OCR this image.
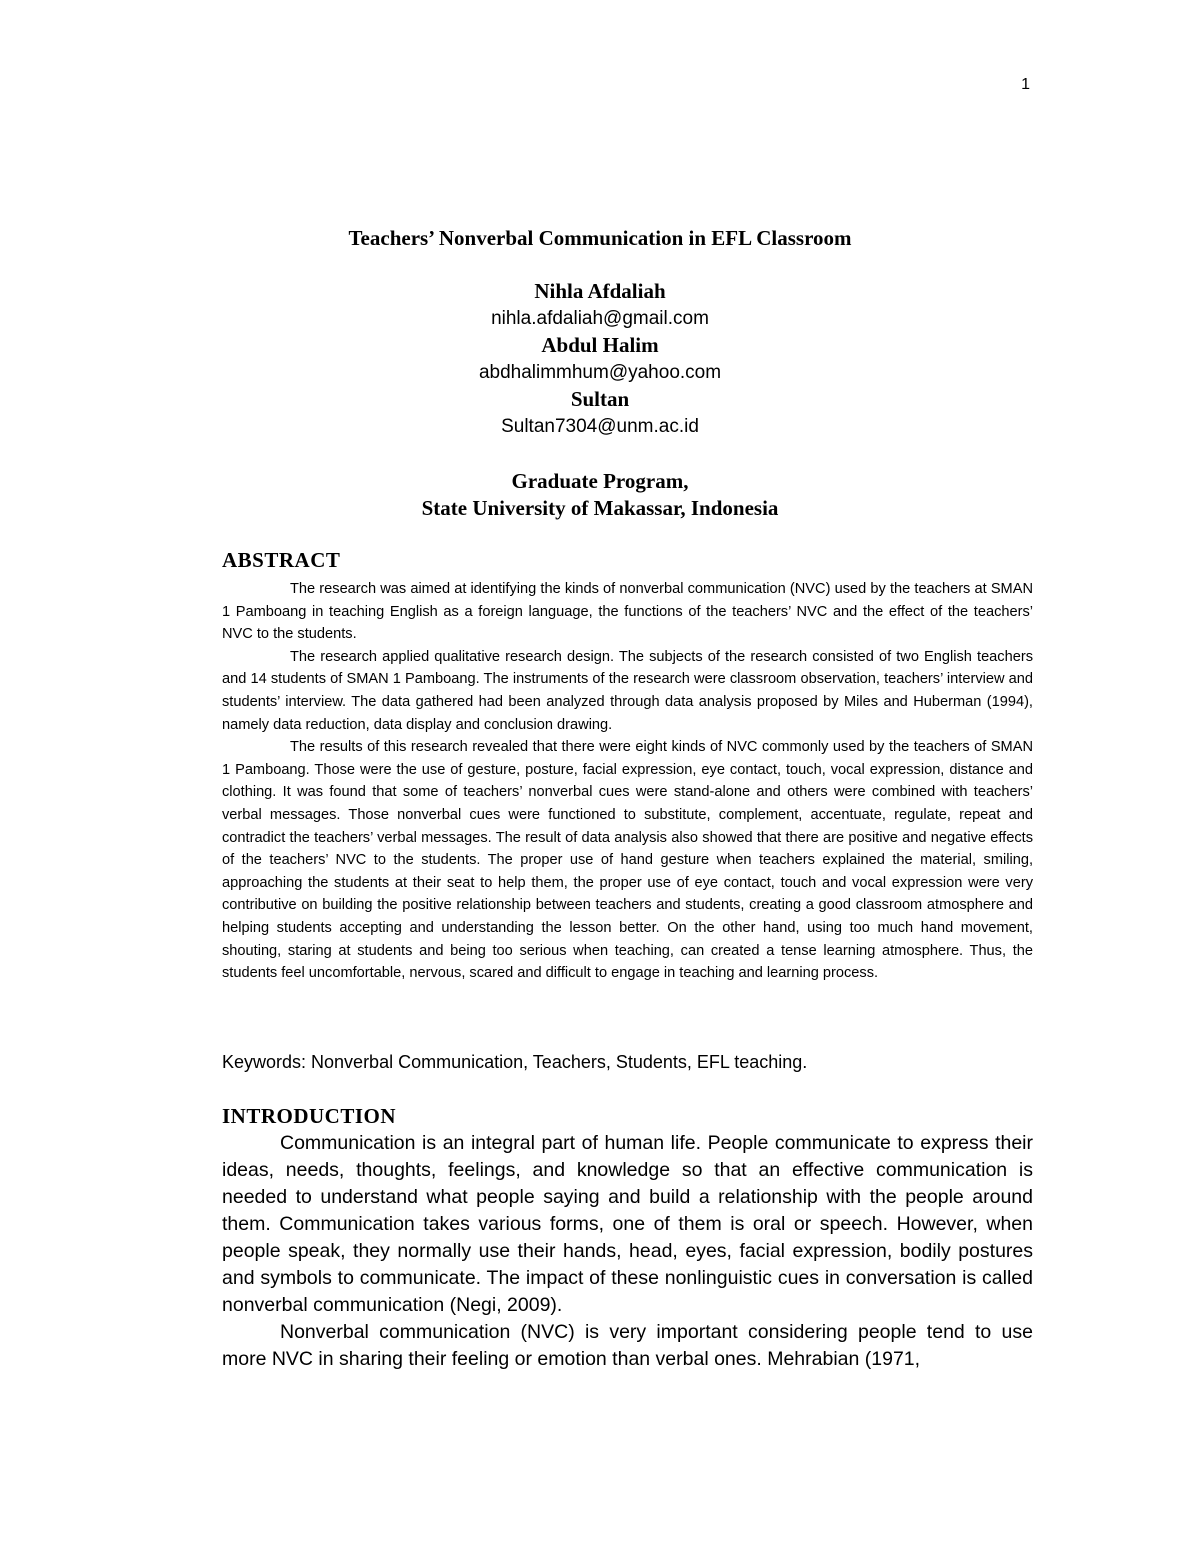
1
Teachers’ Nonverbal Communication in EFL Classroom
Nihla Afdaliah
nihla.afdaliah@gmail.com
Abdul Halim
abdhalimmhum@yahoo.com
Sultan
Sultan7304@unm.ac.id
Graduate Program,
State University of Makassar, Indonesia
ABSTRACT

The research was aimed at identifying the kinds of nonverbal communication (NVC) used by the teachers at SMAN 1 Pamboang in teaching English as a foreign language, the functions of the teachers’ NVC and the effect of the teachers’ NVC to the students.

The research applied qualitative research design. The subjects of the research consisted of two English teachers and 14 students of SMAN 1 Pamboang. The instruments of the research were classroom observation, teachers’ interview and students’ interview. The data gathered had been analyzed through data analysis proposed by Miles and Huberman (1994), namely data reduction, data display and conclusion drawing.

The results of this research revealed that there were eight kinds of NVC commonly used by the teachers of SMAN 1 Pamboang. Those were the use of gesture, posture, facial expression, eye contact, touch, vocal expression, distance and clothing. It was found that some of teachers’ nonverbal cues were stand-alone and others were combined with teachers’ verbal messages. Those nonverbal cues were functioned to substitute, complement, accentuate, regulate, repeat and contradict the teachers’ verbal messages. The result of data analysis also showed that there are positive and negative effects of the teachers’ NVC to the students. The proper use of hand gesture when teachers explained the material, smiling, approaching the students at their seat to help them, the proper use of eye contact, touch and vocal expression were very contributive on building the positive relationship between teachers and students, creating a good classroom atmosphere and helping students accepting and understanding the lesson better. On the other hand, using too much hand movement, shouting, staring at students and being too serious when teaching, can created a tense learning atmosphere. Thus, the students feel uncomfortable, nervous, scared and difficult to engage in teaching and learning process.

Keywords: Nonverbal Communication, Teachers, Students, EFL teaching.
INTRODUCTION

Communication is an integral part of human life. People communicate to express their ideas, needs, thoughts, feelings, and knowledge so that an effective communication is needed to understand what people saying and build a relationship with the people around them. Communication takes various forms, one of them is oral or speech. However, when people speak, they normally use their hands, head, eyes, facial expression, bodily postures and symbols to communicate. The impact of these nonlinguistic cues in conversation is called nonverbal communication (Negi, 2009).

Nonverbal communication (NVC) is very important considering people tend to use more NVC in sharing their feeling or emotion than verbal ones. Mehrabian (1971,
